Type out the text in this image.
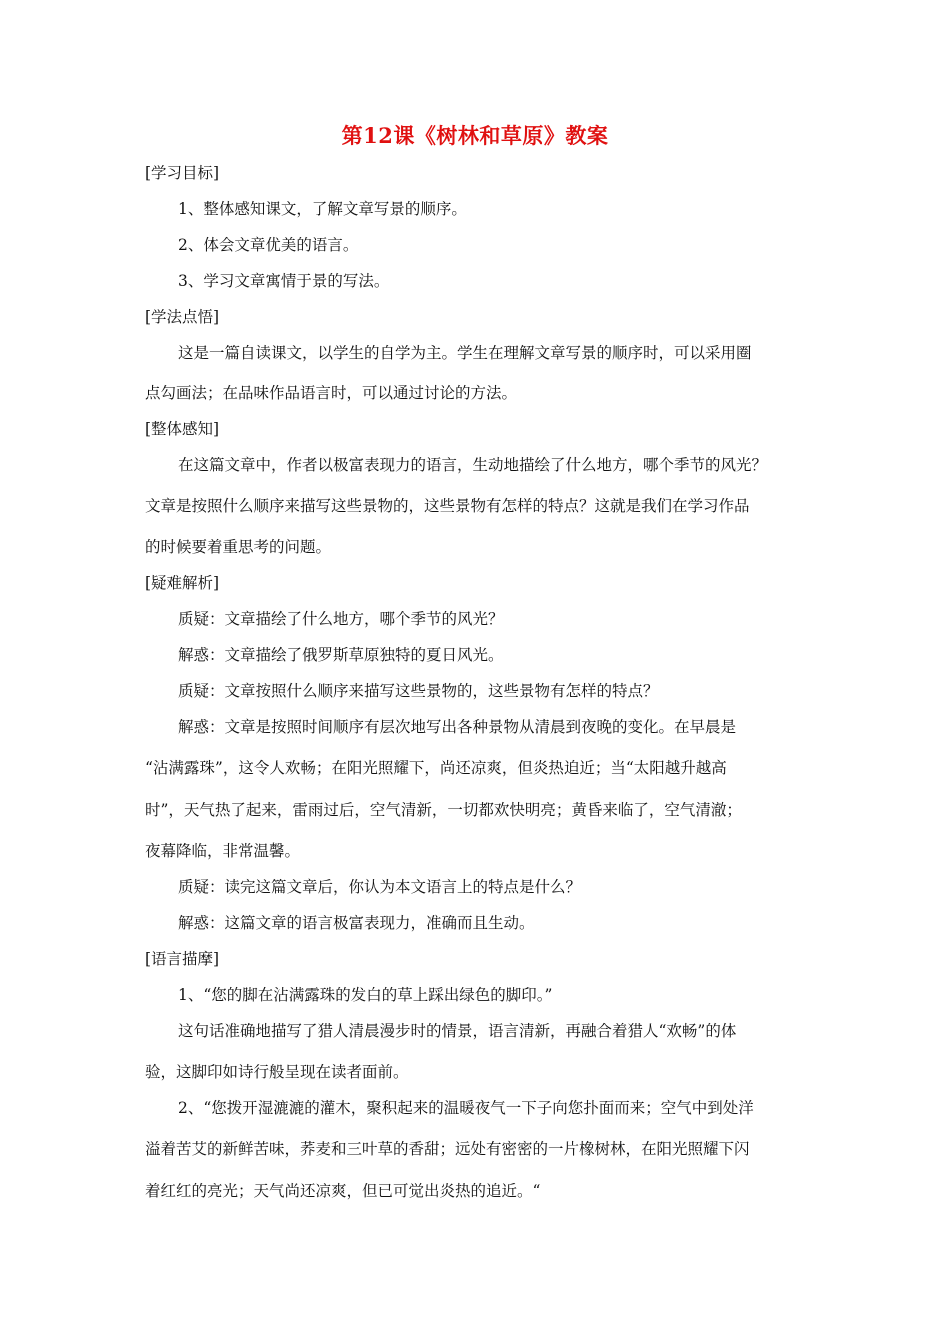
第12课《树林和草原》教案
[学习目标]
1、整体感知课文，了解文章写景的顺序。
2、体会文章优美的语言。
3、学习文章寓情于景的写法。
[学法点悟]
这是一篇自读课文，以学生的自学为主。学生在理解文章写景的顺序时，可以采用圈
点勾画法；在品味作品语言时，可以通过讨论的方法。
[整体感知]
在这篇文章中，作者以极富表现力的语言，生动地描绘了什么地方，哪个季节的风光？
文章是按照什么顺序来描写这些景物的，这些景物有怎样的特点？这就是我们在学习作品
的时候要着重思考的问题。
[疑难解析]
质疑：文章描绘了什么地方，哪个季节的风光？
解惑：文章描绘了俄罗斯草原独特的夏日风光。
质疑：文章按照什么顺序来描写这些景物的，这些景物有怎样的特点？
解惑：文章是按照时间顺序有层次地写出各种景物从清晨到夜晚的变化。在早晨是
“沾满露珠”，这令人欢畅；在阳光照耀下，尚还凉爽，但炎热迫近；当“太阳越升越高
时”，天气热了起来，雷雨过后，空气清新，一切都欢快明亮；黄昏来临了，空气清澈；
夜幕降临，非常温馨。
质疑：读完这篇文章后，你认为本文语言上的特点是什么？
解惑：这篇文章的语言极富表现力，准确而且生动。
[语言描摩]
1、“您的脚在沾满露珠的发白的草上踩出绿色的脚印。”
这句话准确地描写了猎人清晨漫步时的情景，语言清新，再融合着猎人“欢畅”的体
验，这脚印如诗行般呈现在读者面前。
2、“您拨开湿漉漉的灌木，聚积起来的温暖夜气一下子向您扑面而来；空气中到处洋
溢着苦艾的新鲜苦味，荞麦和三叶草的香甜；远处有密密的一片橡树林，在阳光照耀下闪
着红红的亮光；天气尚还凉爽，但已可觉出炎热的追近。“
